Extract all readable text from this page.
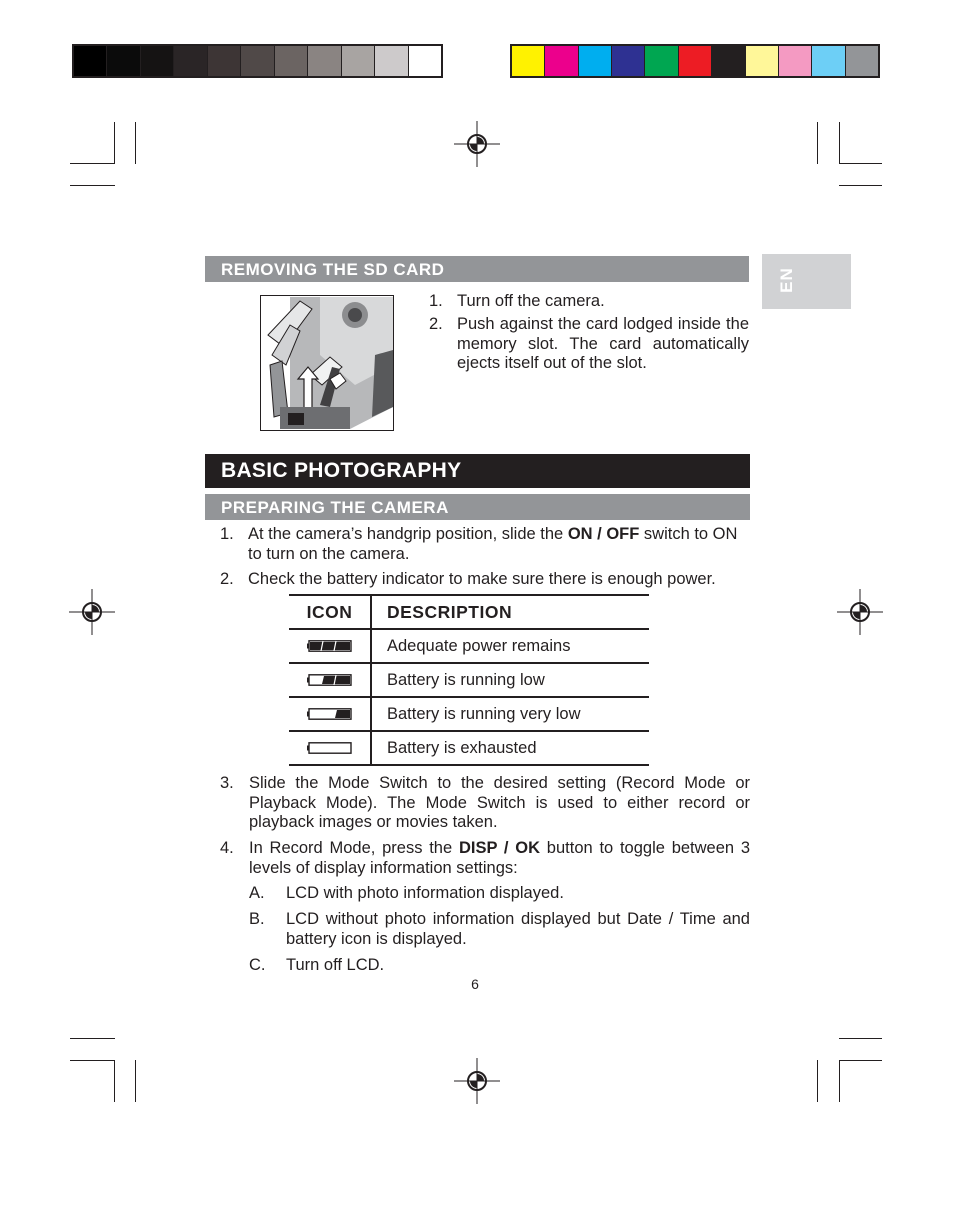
EN
REMOVING THE SD CARD
1. Turn off the camera.
2. Push against the card lodged inside the memory slot. The card automatically ejects itself out of the slot.
BASIC PHOTOGRAPHY
PREPARING THE CAMERA
1. At the camera’s handgrip position, slide the ON / OFF switch to ON to turn on the camera.
2. Check the battery indicator to make sure there is enough power.
ICON	DESCRIPTION
	Adequate power remains
	Battery is running low
	Battery is running very low
	Battery is exhausted
3. Slide the Mode Switch to the desired setting (Record Mode or Playback Mode). The Mode Switch is used to either record or playback images or movies taken.
4. In Record Mode, press the DISP / OK button to toggle between 3 levels of display information settings:
A. LCD with photo information displayed.
B. LCD without photo information displayed but Date / Time and battery icon is displayed.
C. Turn off LCD.
6
